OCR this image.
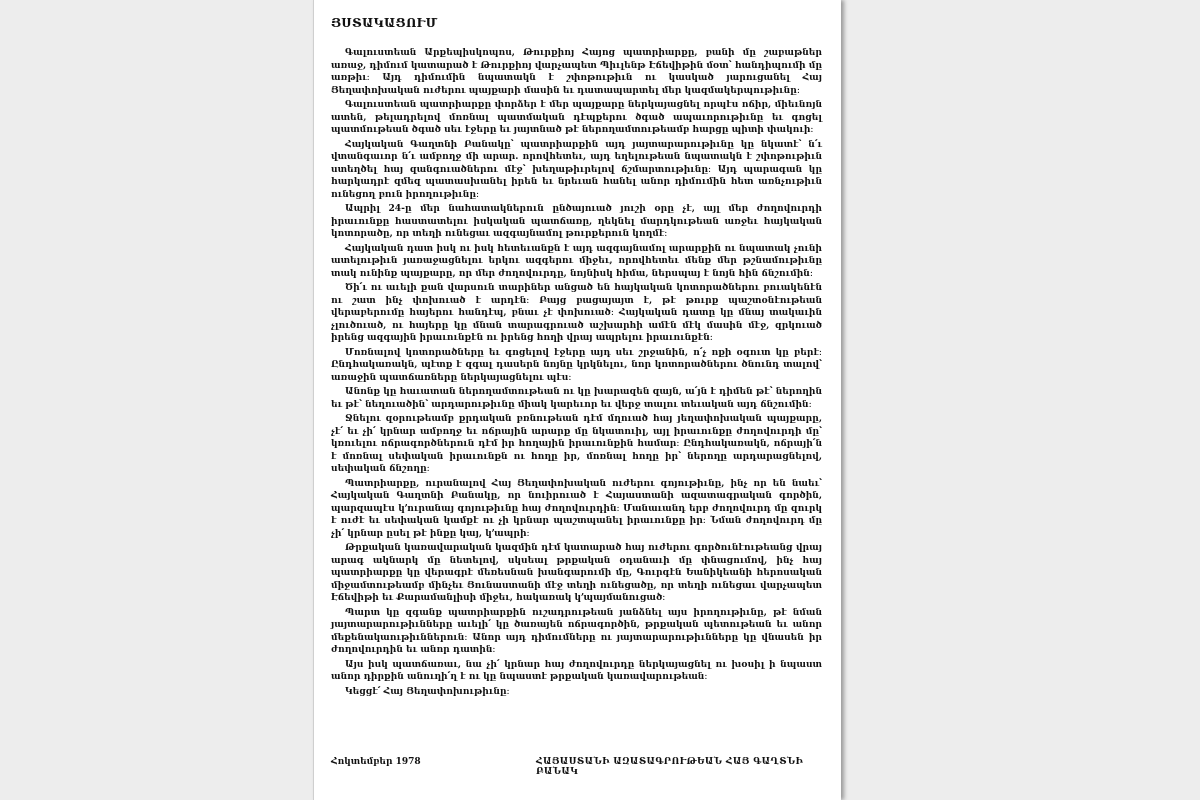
ՅՍՏԱԿԱՑՈՒՄ

Գալուստեան Արքեպիսկոպոս, Թուրքիոյ Հայոց պատրիարքը, բանի մը շաբաթներ առաջ, դիմում կատարած է Թուրքիոյ վարչապետ Պիւլենթ Էճեվիթին մօտ՝ հանդիպումի մը առթիւ։ Այդ դիմումին նպատակն է շփոթութիւն ու կասկած յարուցանել Հայ Յեղափոխական ուժերու պայքարի մասին եւ դատապարտել մեր կազմակերպութիւնը։

Գալուստեան պատրիարքը փորձեր է մեր պայքարը ներկայացնել որպէս ոճիր, միեւնոյն ատեն, թելադրելով մոռնալ պատմական դէպքերու ծգած ապաւորութիւնը եւ գոցել պատմութեան ծգած սեւ էջերը եւ յայտնած թէ ներողամտութեամբ հարցը պիտի փակուի։

Հայկական Գաղտնի Բանակը՝ պատրիարքին այդ յայտարարութիւնը կը նկատէ՝ ն՛ւ վտանգաւոր ն՛ւ ամբողջ մի արար. որովհետեւ, այդ եղելութեան նպատակն է շփոթութիւն ստեղծել հայ զանգուածներու մէջ՝ խեղաթիւրելով ճշմարտութիւնը։ Այդ պարագան կը հարկադրէ զմեզ պատասխանել իրեն եւ նրեւան հանել անոր դիմումին հետ առնչութիւն ունեցող բուն իրողութիւնը։

Ապրիլ 24-ը մեր նահատակներուն ընծայուած յուշի օրը չէ, այլ մեր ժողովուրդի իրաւունքը հաստատելու իսկական պատճառը, ղեկնել մարդկութեան առջեւ հայկական կոտորածը, որ տեղի ունեցաւ ազգայնամոլ թուրքերուն կողմէ։

Հայկական դատ իսկ ու իսկ հետեւանքն է այդ ազգայնամոլ արարքին ու նպատակ չունի ատելութիւն յառաջացնելու երկու ազգերու միջեւ, որովհետեւ մենք մեր թշնամութիւնը տակ ունինք պայքարը, որ մեր ժողովուրդը, նոյնիսկ հիմա, ներսպայ է նոյն հին ճնշումին։

Ծի՛ւ ու աւելի քան վարսուն տարիներ անցած են հայկական կոտորածներու բուակենէն ու շատ ինչ փոխուած է արդէն։ Բայց բացայայտ է, թէ թուրք պաշտօնէութեան վերաբերումը հայերու հանդէպ, բնաւ չէ փոխուած։ Հայկական դատը կը մնայ տակաւին չլուծուած, ու հայերը կը մնան տարագրուած աշխարհի ամէն մէկ մասին մէջ, զրկուած իրենց ազգային իրաւունքէն ու իրենց հողի վրայ ապրելու իրաւունքէն։

Մոռնալով կոտորածները եւ գոցելով էջերը այդ սեւ շրջանին, ո՛չ ոքի օգուտ կը բերէ։ Ընդհակառակն, պէտք է զգալ դասերն նոյնը կրկնելու, նոր կոտորածներու ծնունդ տալով՝ առաջին պատճառները ներկայացնելու պէս։

Անոնք կը հաւատան ներողամտութեան ու կը խարազեն զայն, ա՛յն է դիմեն թէ՝ ներողին եւ թէ՝ նեղուածին՝ արդարութիւնը միակ կարեւոր եւ վերջ տալու տեւական այդ ճնշումին։

Ջնելու զօրութեամբ քրդական բռնութեան դէմ մղուած հայ յեղափոխական պայքարը, չէ՛ եւ չի՛ կրնար ամբողջ եւ ոճրային արարք մը նկատուիլ, այլ իրաւունքը ժողովուրդի մը՝ կռուելու ոճրագործներուն դէմ իր հողային իրաւունքին համար։ Ընդհակառակն, ոճրայի՛ն է մոռնալ սեփական իրաւունքն ու հողը իր, մոռնալ հողը իր՝ ներողը արդարացնելով, սեփական ճնշողը։

Պատրիարքը, ուրանալով Հայ Յեղափոխական ուժերու գոյութիւնը, ինչ որ են նաեւ՝ Հայկական Գաղտնի Բանակը, որ նուիրուած է Հայաստանի ազատագրական գործին, պարզապէս կ՚ուրանայ գոյութիւնը հայ ժողովուրդին։ Մանաւանդ երբ ժողովուրդ մը զուրկ է ուժէ եւ սեփական կամքէ ու չի կրնար պաշտպանել իրաւունքը իր։ Նման ժողովուրդ մը չի՛ կրնար ըսել թէ ինքը կայ, կ՚ապրի։

Թրքական կառավարական կազմին դէմ կատարած հայ ուժերու գործունէութեանց վրայ արագ ակնարկ մը նետելով, սկսեալ թրքական օդանաւի մը փնացումով, ինչ հայ պատրիարքը կը վերագրէ մեռեսնան խանգարումի մը, Գուրգէն Եանիկեանի հերոսական միջամտութեամբ մինչեւ Յունաստանի մէջ տեղի ունեցածը, որ տեղի ունեցաւ վարչապետ Էճեվիթի եւ Քարամանլիսի միջեւ, հակառակ կ՚պայմանուցած։

Պարտ կը զգանք պատրիարքին ուշադրութեան յանձնել այս իրողութիւնը, թէ նման յայտարարութիւնները աւելի՛ կը ծառայեն ոճրագործին, թրքական պետութեան եւ անոր մեքենակաութիւններուն։ Անոր այդ դիմումները ու յայտարարութիւնները կը վնասեն իր ժողովուրդին եւ անոր դատին։

Այս իսկ պատճառաւ, նա չի՛ կրնար հայ ժողովուրդը ներկայացնել ու խօսիլ ի նպաստ անոր դիրքին անուղի՛ղ է ու կը նպաստէ թրքական կառավարութեան։

Կեցցէ՛ Հայ Յեղափոխութիւնը։

Հոկտեմբեր 1978	ՀԱՅԱՍՏԱՆԻ ԱԶԱՏԱԳՐՈՒԹԵԱՆ ՀԱՅ ԳԱՂՏՆԻ ԲԱՆԱԿ
